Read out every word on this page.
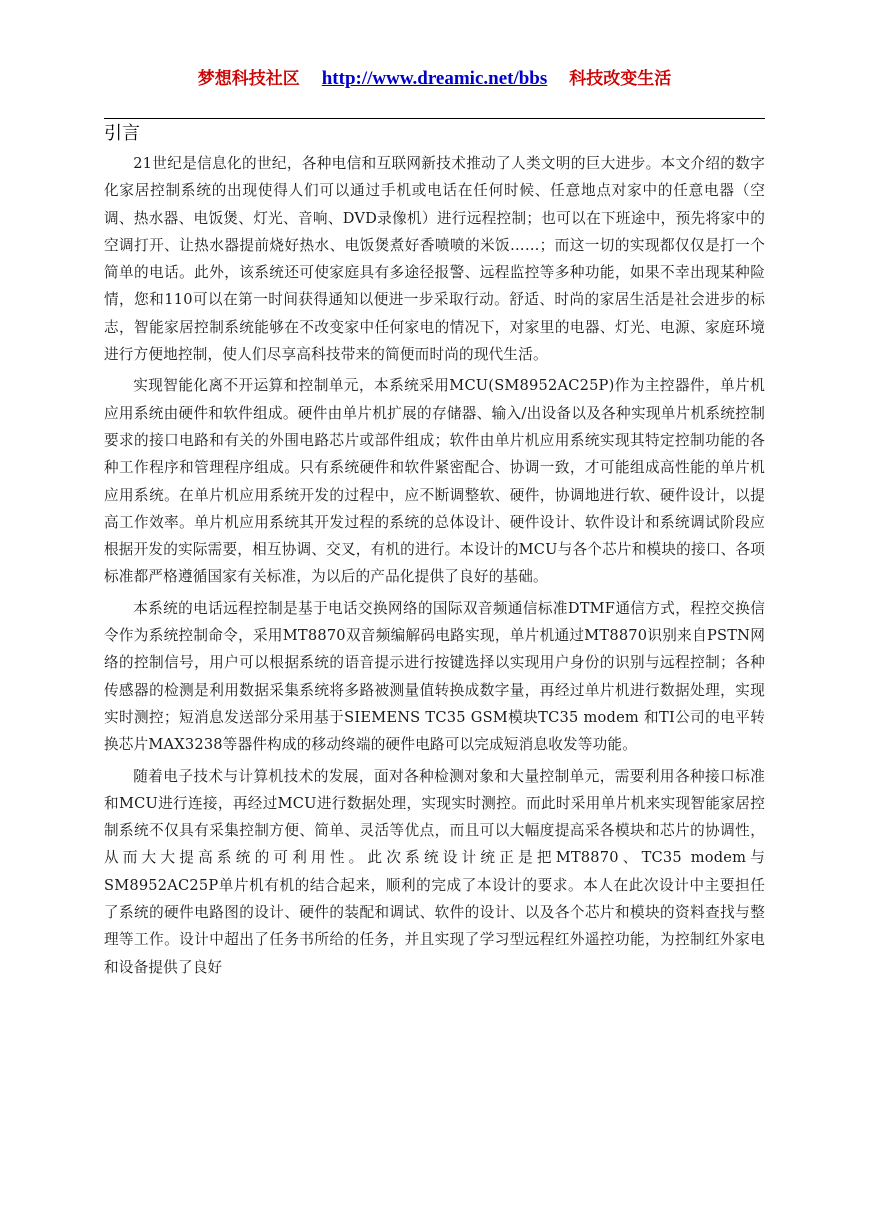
梦想科技社区 http://www.dreamic.net/bbs 科技改变生活
引言

21世纪是信息化的世纪，各种电信和互联网新技术推动了人类文明的巨大进步。本文介绍的数字化家居控制系统的出现使得人们可以通过手机或电话在任何时候、任意地点对家中的任意电器（空调、热水器、电饭煲、灯光、音响、DVD录像机）进行远程控制；也可以在下班途中，预先将家中的空调打开、让热水器提前烧好热水、电饭煲煮好香喷喷的米饭……；而这一切的实现都仅仅是打一个简单的电话。此外，该系统还可使家庭具有多途径报警、远程监控等多种功能，如果不幸出现某种险情，您和110可以在第一时间获得通知以便进一步采取行动。舒适、时尚的家居生活是社会进步的标志，智能家居控制系统能够在不改变家中任何家电的情况下，对家里的电器、灯光、电源、家庭环境进行方便地控制，使人们尽享高科技带来的简便而时尚的现代生活。

实现智能化离不开运算和控制单元，本系统采用MCU(SM8952AC25P)作为主控器件，单片机应用系统由硬件和软件组成。硬件由单片机扩展的存储器、输入/出设备以及各种实现单片机系统控制要求的接口电路和有关的外围电路芯片或部件组成；软件由单片机应用系统实现其特定控制功能的各种工作程序和管理程序组成。只有系统硬件和软件紧密配合、协调一致，才可能组成高性能的单片机应用系统。在单片机应用系统开发的过程中，应不断调整软、硬件，协调地进行软、硬件设计，以提高工作效率。单片机应用系统其开发过程的系统的总体设计、硬件设计、软件设计和系统调试阶段应根据开发的实际需要，相互协调、交叉，有机的进行。本设计的MCU与各个芯片和模块的接口、各项标准都严格遵循国家有关标准，为以后的产品化提供了良好的基础。

本系统的电话远程控制是基于电话交换网络的国际双音频通信标准DTMF通信方式，程控交换信令作为系统控制命令，采用MT8870双音频编解码电路实现，单片机通过MT8870识别来自PSTN网络的控制信号，用户可以根据系统的语音提示进行按键选择以实现用户身份的识别与远程控制；各种传感器的检测是利用数据采集系统将多路被测量值转换成数字量，再经过单片机进行数据处理，实现实时测控；短消息发送部分采用基于SIEMENS TC35 GSM模块TC35 modem 和TI公司的电平转换芯片MAX3238等器件构成的移动终端的硬件电路可以完成短消息收发等功能。

随着电子技术与计算机技术的发展，面对各种检测对象和大量控制单元，需要利用各种接口标准和MCU进行连接，再经过MCU进行数据处理，实现实时测控。而此时采用单片机来实现智能家居控制系统不仅具有采集控制方便、简单、灵活等优点，而且可以大幅度提高采各模块和芯片的协调性，从而大大提高系统的可利用性。此次系统设计统正是把MT8870、TC35 modem与SM8952AC25P单片机有机的结合起来，顺利的完成了本设计的要求。本人在此次设计中主要担任了系统的硬件电路图的设计、硬件的装配和调试、软件的设计、以及各个芯片和模块的资料查找与整理等工作。设计中超出了任务书所给的任务，并且实现了学习型远程红外遥控功能，为控制红外家电和设备提供了良好
